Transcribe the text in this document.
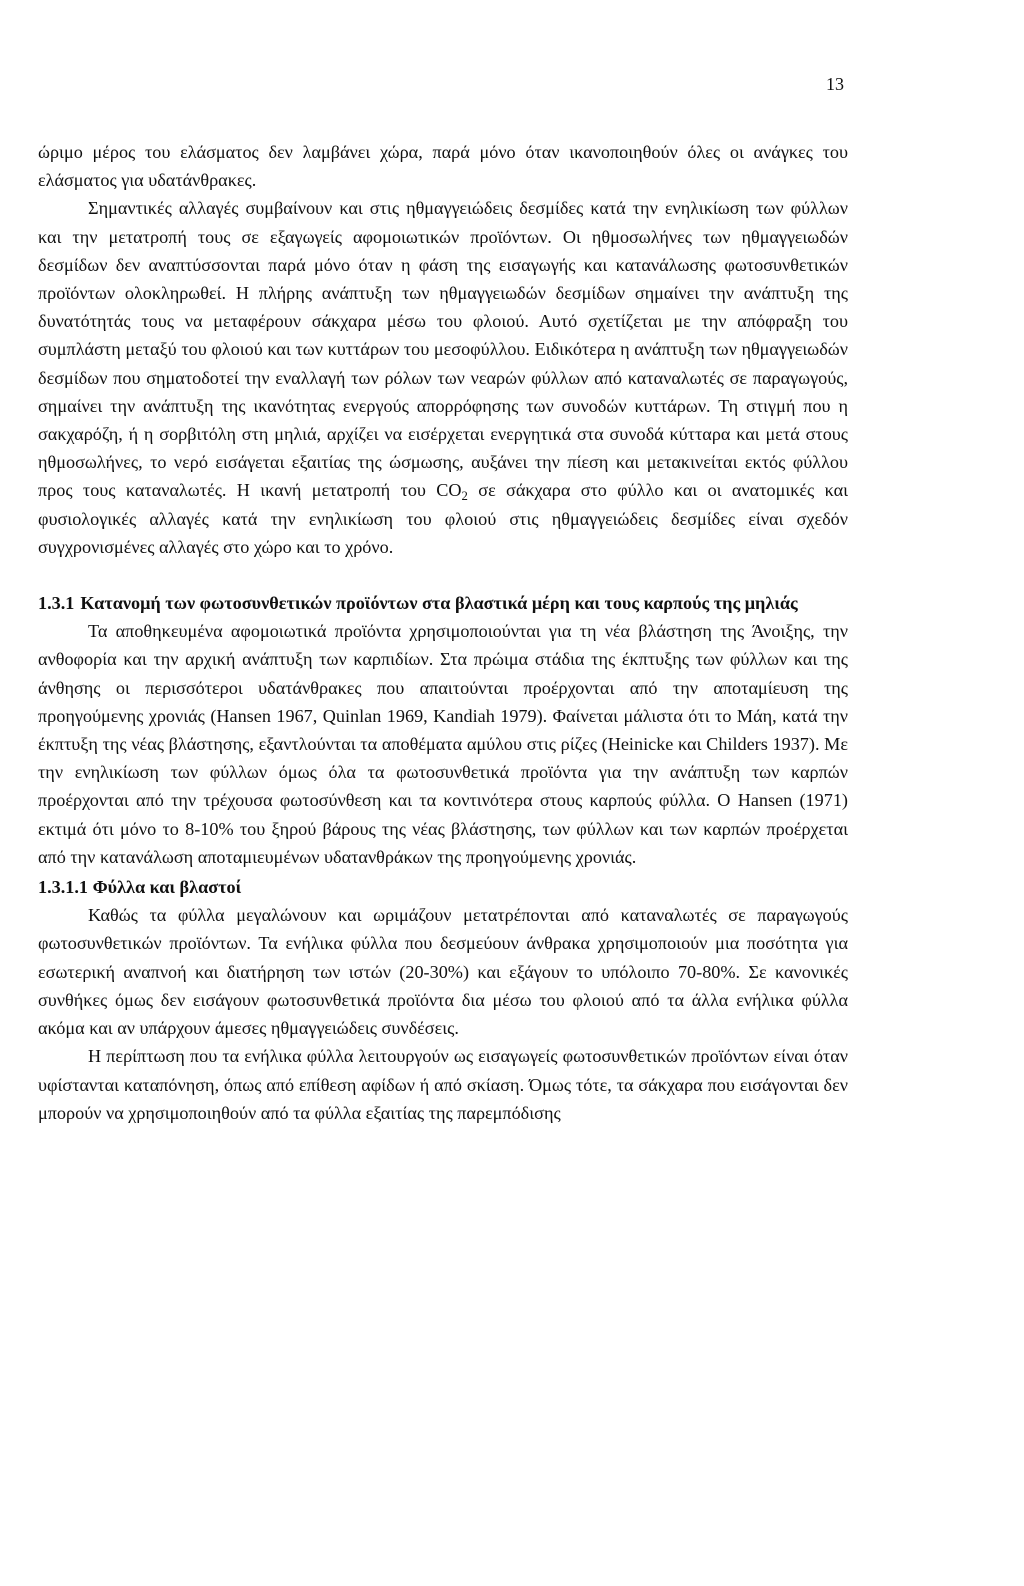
13

ώριμο μέρος του ελάσματος δεν λαμβάνει χώρα, παρά μόνο όταν ικανοποιηθούν όλες οι ανάγκες του ελάσματος για υδατάνθρακες.

Σημαντικές αλλαγές συμβαίνουν και στις ηθμαγγειώδεις δεσμίδες κατά την ενηλικίωση των φύλλων και την μετατροπή τους σε εξαγωγείς αφομοιωτικών προϊόντων. Οι ηθμοσωλήνες των ηθμαγγειωδών δεσμίδων δεν αναπτύσσονται παρά μόνο όταν η φάση της εισαγωγής και κατανάλωσης φωτοσυνθετικών προϊόντων ολοκληρωθεί. Η πλήρης ανάπτυξη των ηθμαγγειωδών δεσμίδων σημαίνει την ανάπτυξη της δυνατότητάς τους να μεταφέρουν σάκχαρα μέσω του φλοιού. Αυτό σχετίζεται με την απόφραξη του συμπλάστη μεταξύ του φλοιού και των κυττάρων του μεσοφύλλου. Ειδικότερα η ανάπτυξη των ηθμαγγειωδών δεσμίδων που σηματοδοτεί την εναλλαγή των ρόλων των νεαρών φύλλων από καταναλωτές σε παραγωγούς, σημαίνει την ανάπτυξη της ικανότητας ενεργούς απορρόφησης των συνοδών κυττάρων. Τη στιγμή που η σακχαρόζη, ή η σορβιτόλη στη μηλιά, αρχίζει να εισέρχεται ενεργητικά στα συνοδά κύτταρα και μετά στους ηθμοσωλήνες, το νερό εισάγεται εξαιτίας της ώσμωσης, αυξάνει την πίεση και μετακινείται εκτός φύλλου προς τους καταναλωτές. Η ικανή μετατροπή του $CO_2$ σε σάκχαρα στο φύλλο και οι ανατομικές και φυσιολογικές αλλαγές κατά την ενηλικίωση του φλοιού στις ηθμαγγειώδεις δεσμίδες είναι σχεδόν συγχρονισμένες αλλαγές στο χώρο και το χρόνο.

1.3.1 Κατανομή των φωτοσυνθετικών προϊόντων στα βλαστικά μέρη και τους καρπούς της μηλιάς

Τα αποθηκευμένα αφομοιωτικά προϊόντα χρησιμοποιούνται για τη νέα βλάστηση της Άνοιξης, την ανθοφορία και την αρχική ανάπτυξη των καρπιδίων. Στα πρώιμα στάδια της έκπτυξης των φύλλων και της άνθησης οι περισσότεροι υδατάνθρακες που απαιτούνται προέρχονται από την αποταμίευση της προηγούμενης χρονιάς (Hansen 1967, Quinlan 1969, Kandiah 1979). Φαίνεται μάλιστα ότι το Μάη, κατά την έκπτυξη της νέας βλάστησης, εξαντλούνται τα αποθέματα αμύλου στις ρίζες (Heinicke και Childers 1937). Με την ενηλικίωση των φύλλων όμως όλα τα φωτοσυνθετικά προϊόντα για την ανάπτυξη των καρπών προέρχονται από την τρέχουσα φωτοσύνθεση και τα κοντινότερα στους καρπούς φύλλα. Ο Hansen (1971) εκτιμά ότι μόνο το 8-10% του ξηρού βάρους της νέας βλάστησης, των φύλλων και των καρπών προέρχεται από την κατανάλωση αποταμιευμένων υδατανθράκων της προηγούμενης χρονιάς.

1.3.1.1 Φύλλα και βλαστοί

Καθώς τα φύλλα μεγαλώνουν και ωριμάζουν μετατρέπονται από καταναλωτές σε παραγωγούς φωτοσυνθετικών προϊόντων. Τα ενήλικα φύλλα που δεσμεύουν άνθρακα χρησιμοποιούν μια ποσότητα για εσωτερική αναπνοή και διατήρηση των ιστών (20-30%) και εξάγουν το υπόλοιπο 70-80%. Σε κανονικές συνθήκες όμως δεν εισάγουν φωτοσυνθετικά προϊόντα δια μέσω του φλοιού από τα άλλα ενήλικα φύλλα ακόμα και αν υπάρχουν άμεσες ηθμαγγειώδεις συνδέσεις.

Η περίπτωση που τα ενήλικα φύλλα λειτουργούν ως εισαγωγείς φωτοσυνθετικών προϊόντων είναι όταν υφίστανται καταπόνηση, όπως από επίθεση αφίδων ή από σκίαση. Όμως τότε, τα σάκχαρα που εισάγονται δεν μπορούν να χρησιμοποιηθούν από τα φύλλα εξαιτίας της παρεμπόδισης
